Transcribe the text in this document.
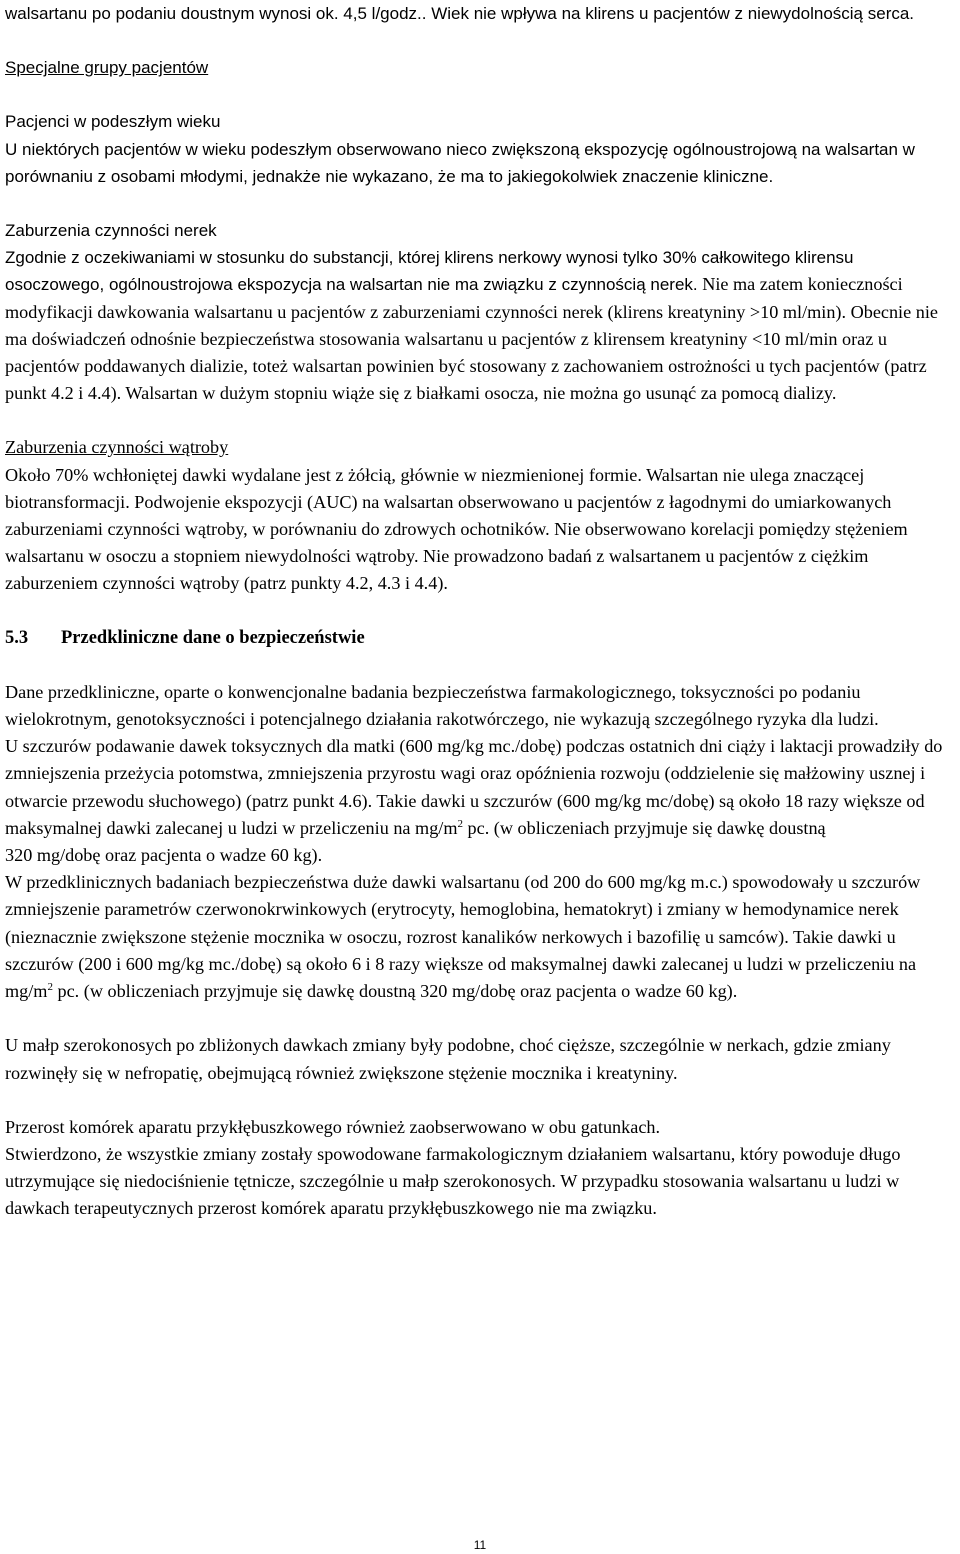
walsartanu po podaniu doustnym wynosi ok. 4,5 l/godz.. Wiek nie wpływa na klirens u pacjentów z niewydolnością serca.

Specjalne grupy pacjentów

Pacjenci w podeszłym wieku

U niektórych pacjentów w wieku podeszłym obserwowano nieco zwiększoną ekspozycję ogólnoustrojową na walsartan w porównaniu z osobami młodymi, jednakże nie wykazano, że ma to jakiegokolwiek znaczenie kliniczne.

Zaburzenia czynności nerek

Zgodnie z oczekiwaniami w stosunku do substancji, której klirens nerkowy wynosi tylko 30% całkowitego klirensu osoczowego, ogólnoustrojowa ekspozycja na walsartan nie ma związku z czynnością nerek. Nie ma zatem konieczności modyfikacji dawkowania walsartanu u pacjentów z zaburzeniami czynności nerek (klirens kreatyniny >10 ml/min). Obecnie nie ma doświadczeń odnośnie bezpieczeństwa stosowania walsartanu u pacjentów z klirensem kreatyniny <10 ml/min oraz u pacjentów poddawanych dializie, toteż walsartan powinien być stosowany z zachowaniem ostrożności u tych pacjentów (patrz punkt 4.2 i 4.4). Walsartan w dużym stopniu wiąże się z białkami osocza, nie można go usunąć za pomocą dializy.

Zaburzenia czynności wątroby

Około 70% wchłoniętej dawki wydalane jest z żółcią, głównie w niezmienionej formie. Walsartan nie ulega znaczącej biotransformacji. Podwojenie ekspozycji (AUC) na walsartan obserwowano u pacjentów z łagodnymi do umiarkowanych zaburzeniami czynności wątroby, w porównaniu do zdrowych ochotników. Nie obserwowano korelacji pomiędzy stężeniem walsartanu w osoczu a stopniem niewydolności wątroby. Nie prowadzono badań z walsartanem u pacjentów z ciężkim zaburzeniem czynności wątroby (patrz punkty 4.2, 4.3 i 4.4).

5.3 Przedkliniczne dane o bezpieczeństwie

Dane przedkliniczne, oparte o konwencjonalne badania bezpieczeństwa farmakologicznego, toksyczności po podaniu wielokrotnym, genotoksyczności i potencjalnego działania rakotwórczego, nie wykazują szczególnego ryzyka dla ludzi.

U szczurów podawanie dawek toksycznych dla matki (600 mg/kg mc./dobę) podczas ostatnich dni ciąży i laktacji prowadziły do zmniejszenia przeżycia potomstwa, zmniejszenia przyrostu wagi oraz opóźnienia rozwoju (oddzielenie się małżowiny usznej i otwarcie przewodu słuchowego) (patrz punkt 4.6). Takie dawki u szczurów (600 mg/kg mc/dobę) są około 18 razy większe od maksymalnej dawki zalecanej u ludzi w przeliczeniu na $mg/m^2$ pc. (w obliczeniach przyjmuje się dawkę doustną
320 mg/dobę oraz pacjenta o wadze 60 kg).

W przedklinicznych badaniach bezpieczeństwa duże dawki walsartanu (od 200 do 600 mg/kg m.c.) spowodowały u szczurów zmniejszenie parametrów czerwonokrwinkowych (erytrocyty, hemoglobina, hematokryt) i zmiany w hemodynamice nerek (nieznacznie zwiększone stężenie mocznika w osoczu, rozrost kanalików nerkowych i bazofilię u samców). Takie dawki u szczurów (200 i 600 mg/kg mc./dobę) są około 6 i 8 razy większe od maksymalnej dawki zalecanej u ludzi w przeliczeniu na $mg/m^2$ pc. (w obliczeniach przyjmuje się dawkę doustną 320 mg/dobę oraz pacjenta o wadze 60 kg).

U małp szerokonosych po zbliżonych dawkach zmiany były podobne, choć cięższe, szczególnie w nerkach, gdzie zmiany rozwinęły się w nefropatię, obejmującą również zwiększone stężenie mocznika i kreatyniny.

Przerost komórek aparatu przykłębuszkowego również zaobserwowano w obu gatunkach.

Stwierdzono, że wszystkie zmiany zostały spowodowane farmakologicznym działaniem walsartanu, który powoduje długo utrzymujące się niedociśnienie tętnicze, szczególnie u małp szerokonosych. W przypadku stosowania walsartanu u ludzi w dawkach terapeutycznych przerost komórek aparatu przykłębuszkowego nie ma związku.

11
